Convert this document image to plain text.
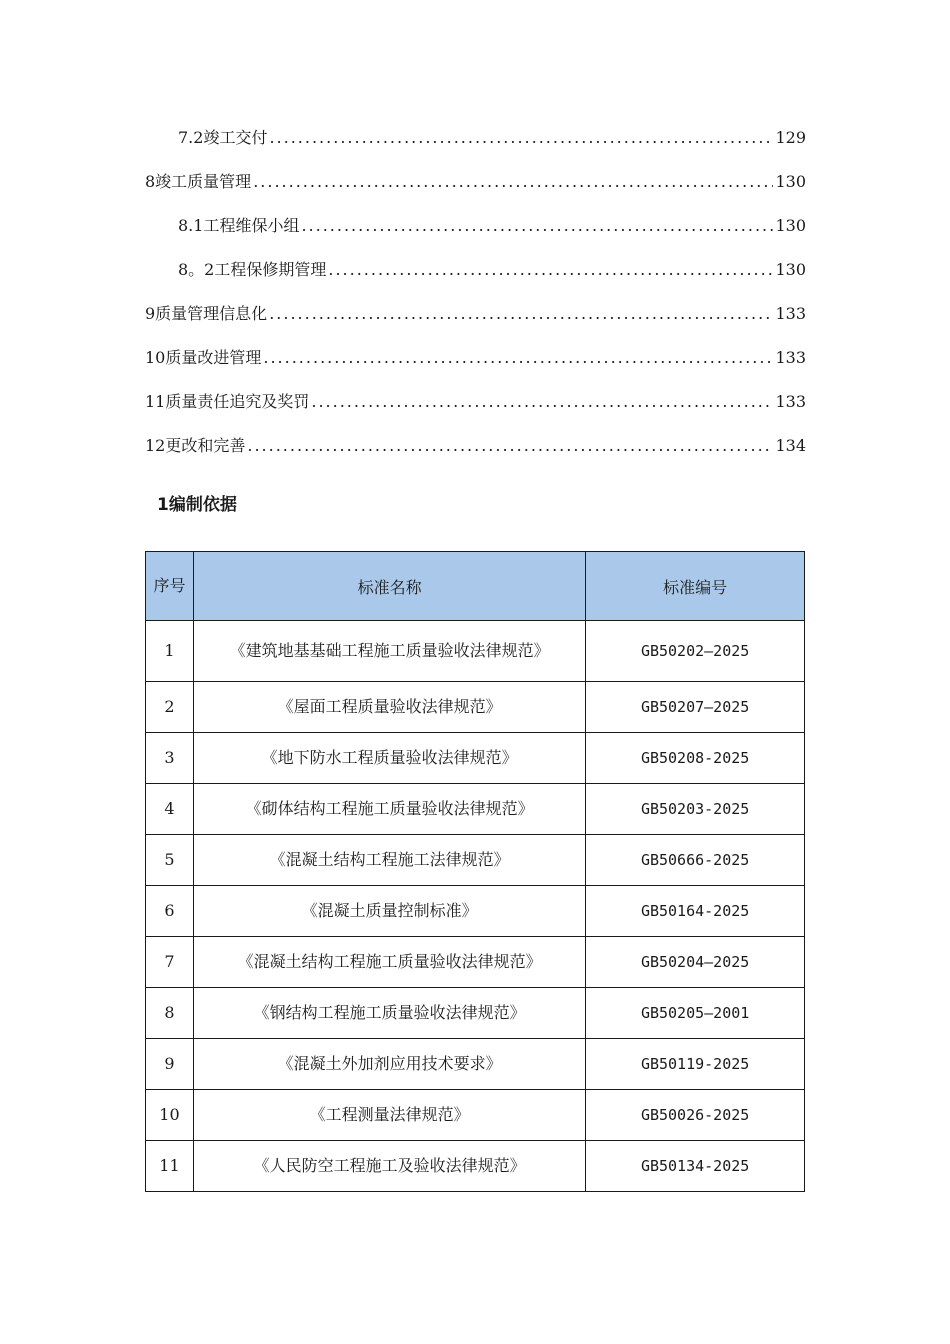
7.2竣工交付 .....	129
8竣工质量管理 .....	130
8.1工程维保小组 .....	130
8。2工程保修期管理 .....	130
9质量管理信息化 .....	133
10质量改进管理 .....	133
11质量责任追究及奖罚 .....	133
12更改和完善 .....	134
1编制依据
序号	标准名称	标准编号
1	《建筑地基基础工程施工质量验收法律规范》	GB50202—2025
2	《屋面工程质量验收法律规范》	GB50207—2025
3	《地下防水工程质量验收法律规范》	GB50208-2025
4	《砌体结构工程施工质量验收法律规范》	GB50203-2025
5	《混凝土结构工程施工法律规范》	GB50666-2025
6	《混凝土质量控制标准》	GB50164-2025
7	《混凝土结构工程施工质量验收法律规范》	GB50204—2025
8	《钢结构工程施工质量验收法律规范》	GB50205—2001
9	《混凝土外加剂应用技术要求》	GB50119-2025
10	《工程测量法律规范》	GB50026-2025
11	《人民防空工程施工及验收法律规范》	GB50134-2025
